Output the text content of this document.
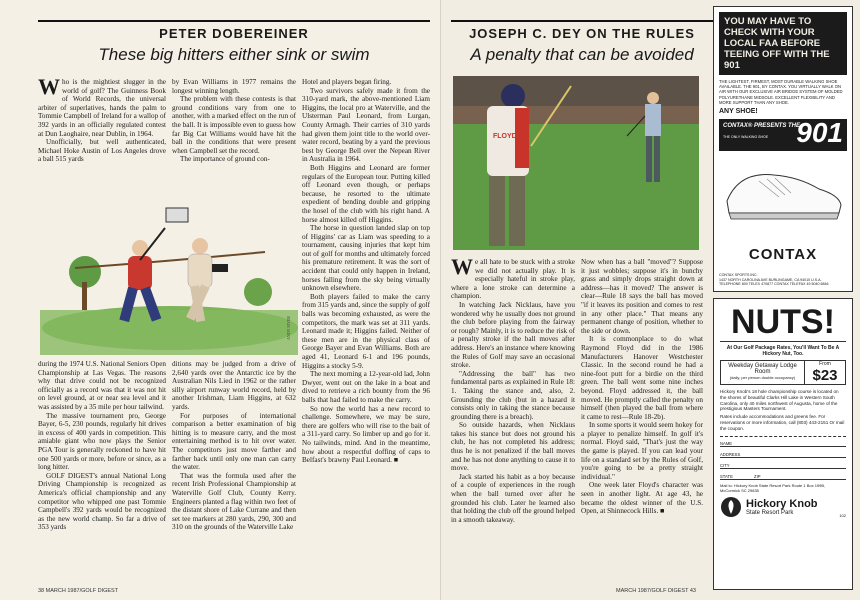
PETER DOBEREINER
These big hitters either sink or swim

Who is the mightiest slugger in the world of golf? The Guinness Book of World Records, the universal arbiter of superlatives, hands the palm to Tommie Campbell of Ireland for a wallop of 392 yards in an officially regulated contest at Dun Laoghaire, near Dublin, in 1964.

Unofficially, but well authenticated, Michael Hoke Austin of Los Angeles drove a ball 515 yards

by Evan Williams in 1977 remains the longest winning length.

The problem with these contests is that ground conditions vary from one to another, with a marked effect on the run of the ball. It is impossible even to guess how far Big Cat Williams would have hit the ball in the conditions that were present when Campbell set the record.

The importance of ground con-

Hotel and players began firing.

Two survivors safely made it from the 310-yard mark, the above-mentioned Liam Higgins, the local pro at Waterville, and the Ulsterman Paul Leonard, from Lurgan, County Armagh. Their carries of 310 yards had given them joint title to the world over-water record, beating by a yard the previous best by George Bell over the Nepean River in Australia in 1964.

Both Higgins and Leonard are former regulars of the European tour. Putting killed off Leonard even though, or perhaps because, he resorted to the ultimate expedient of bending double and gripping the hosel of the club with his right hand. A horse almost killed off Higgins.

The horse in question landed slap on top of Higgins' car as Liam was speeding to a tournament, causing injuries that kept him out of golf for months and ultimately forced his premature retirement. It was the sort of accident that could only happen in Ireland, horses falling from the sky being virtually unknown elsewhere.

Both players failed to make the carry from 315 yards and, since the supply of golf balls was becoming exhausted, as were the competitors, the mark was set at 311 yards. Leonard made it; Higgins failed. Neither of these men are in the physical class of George Bayer and Evan Williams. Both are aged 41, Leonard 6-1 and 196 pounds, Higgins a stocky 5-9.

The next morning a 12-year-old lad, John Dwyer, went out on the lake in a boat and dived to retrieve a rich bounty from the 96 balls that had failed to make the carry.

So now the world has a new record to challenge. Somewhere, we may be sure, there are golfers who will rise to the bait of a 311-yard carry. So limber up and go for it. No tailwinds, mind. And in the meantime, how about a respectful doffing of caps to Belfast's brawny Paul Leonard. ■

ANDY MYER

during the 1974 U.S. National Seniors Open Championship at Las Vegas. The reasons why that drive could not be recognized officially as a record was that it was not hit on level ground, at or near sea level and it was assisted by a 35 mile per hour tailwind.

The massive tournament pro, George Bayer, 6-5, 230 pounds, regularly hit drives in excess of 400 yards in competition. This amiable giant who now plays the Senior PGA Tour is generally reckoned to have hit one 500 yards or more, before or since, as a long hitter.

GOLF DIGEST's annual National Long Driving Championship is recognized as America's official championship and any competitor who whipped one past Tommie Campbell's 392 yards would be recognized as the new world champ. So far a drive of 353 yards

ditions may be judged from a drive of 2,640 yards over the Antarctic ice by the Australian Nils Lied in 1962 or the rather silly airport runway world record, held by another Irishman, Liam Higgins, at 632 yards.

For purposes of international comparison a better examination of big hitting is to measure carry, and the most entertaining method is to hit over water. The competitors just move farther and farther back until only one man can carry the water.

That was the formula used after the recent Irish Professional Championship at Waterville Golf Club, County Kerry. Engineers planted a flag within two feet of the distant shore of Lake Currane and then set tee markers at 280 yards, 290, 300 and 310 on the grounds of the Waterville Lake

38 MARCH 1987/GOLF DIGEST
JOSEPH C. DEY ON THE RULES
A penalty that can be avoided
FLOYD

We all hate to be stuck with a stroke we did not actually play. It is especially hateful in stroke play, where a lone stroke can determine a champion.

In watching Jack Nicklaus, have you wondered why he usually does not ground the club before playing from the fairway or rough? Mainly, it is to reduce the risk of a penalty stroke if the ball moves after address. Here's an instance where knowing the Rules of Golf may save an occasional stroke.

"Addressing the ball" has two fundamental parts as explained in Rule 18: 1. Taking the stance and, also, 2. Grounding the club (but in a hazard it consists only in taking the stance because grounding there is a breach).

So outside hazards, when Nicklaus takes his stance but does not ground his club, he has not completed his address; thus he is not penalized if the ball moves and he has not done anything to cause it to move.

Jack started his habit as a boy because of a couple of experiences in the rough when the ball turned over after he grounded his club. Later he learned also that holding the club off the ground helped in a smooth takeaway.

Now when has a ball "moved"? Suppose it just wobbles; suppose it's in bunchy grass and simply drops straight down at address—has it moved? The answer is clear—Rule 18 says the ball has moved "if it leaves its position and comes to rest in any other place." That means any permanent change of position, whether to the side or down.

It is commonplace to do what Raymond Floyd did in the 1986 Manufacturers Hanover Westchester Classic. In the second round he had a nine-foot putt for a birdie on the third green. The ball went some nine inches beyond. Floyd addressed it, the ball moved. He promptly called the penalty on himself (then played the ball from where it came to rest—Rule 18-2b).

In some sports it would seem hokey for a player to penalize himself. In golf it's normal. Floyd said, "That's just the way the game is played. If you can lead your life on a standard set by the Rules of Golf, you're going to be a pretty straight individual."

One week later Floyd's character was seen in another light. At age 43, he became the oldest winner of the U.S. Open, at Shinnecock Hills. ■

MARCH 1987/GOLF DIGEST 43
YOU MAY HAVE TO CHECK WITH YOUR LOCAL FAA BEFORE TEEING OFF WITH THE 901
THE LIGHTEST, FIRMEST, MOST DURABLE WALKING SHOE AVAILABLE. THE 901, BY CONTAX. YOU VIRTUALLY WALK ON AIR WITH OUR EXCLUSIVE AIR BRIDGE SYSTEM OF MOLDED POLYURETHANE MIDSOLE. EXCELLENT FLEXIBILITY AND MORE SUPPORT THAN ANY SHOE.
ANY SHOE!
CONTAX® PRESENTS THE
THE ONLY WALKING SHOE 901
CONTAX
CONTAX SPORTS INC.
1437 NORTH CAROLINA AVE BURLINGAME, CA 94010 U.S.A.
TELEPHONE 800 TELEX 470877 CONTAX TELEFAX 49 5040 6846
NUTS!
At Our Golf Package Rates, You'll Want To Be A Hickory Nut, Too.
Weekday Getaway Lodge Room
(daily, per person double occupancy)
From
$23
Hickory Knob's 18 hole championship course is located on the shores of beautiful Clarks Hill Lake in Western South Carolina, only 40 miles northwest of Augusta, home of the prestigious Masters Tournament.
Rates include accommodations and greens fee. For reservations or more information, call (803) 443-2151 Or mail the coupon.
NAME
ADDRESS
CITY
STATE	ZIP
Mail to: Hickory Knob State Resort Park Route 1 Box 199B, McCormick SC 29835
Hickory Knob
State Resort Park	102
